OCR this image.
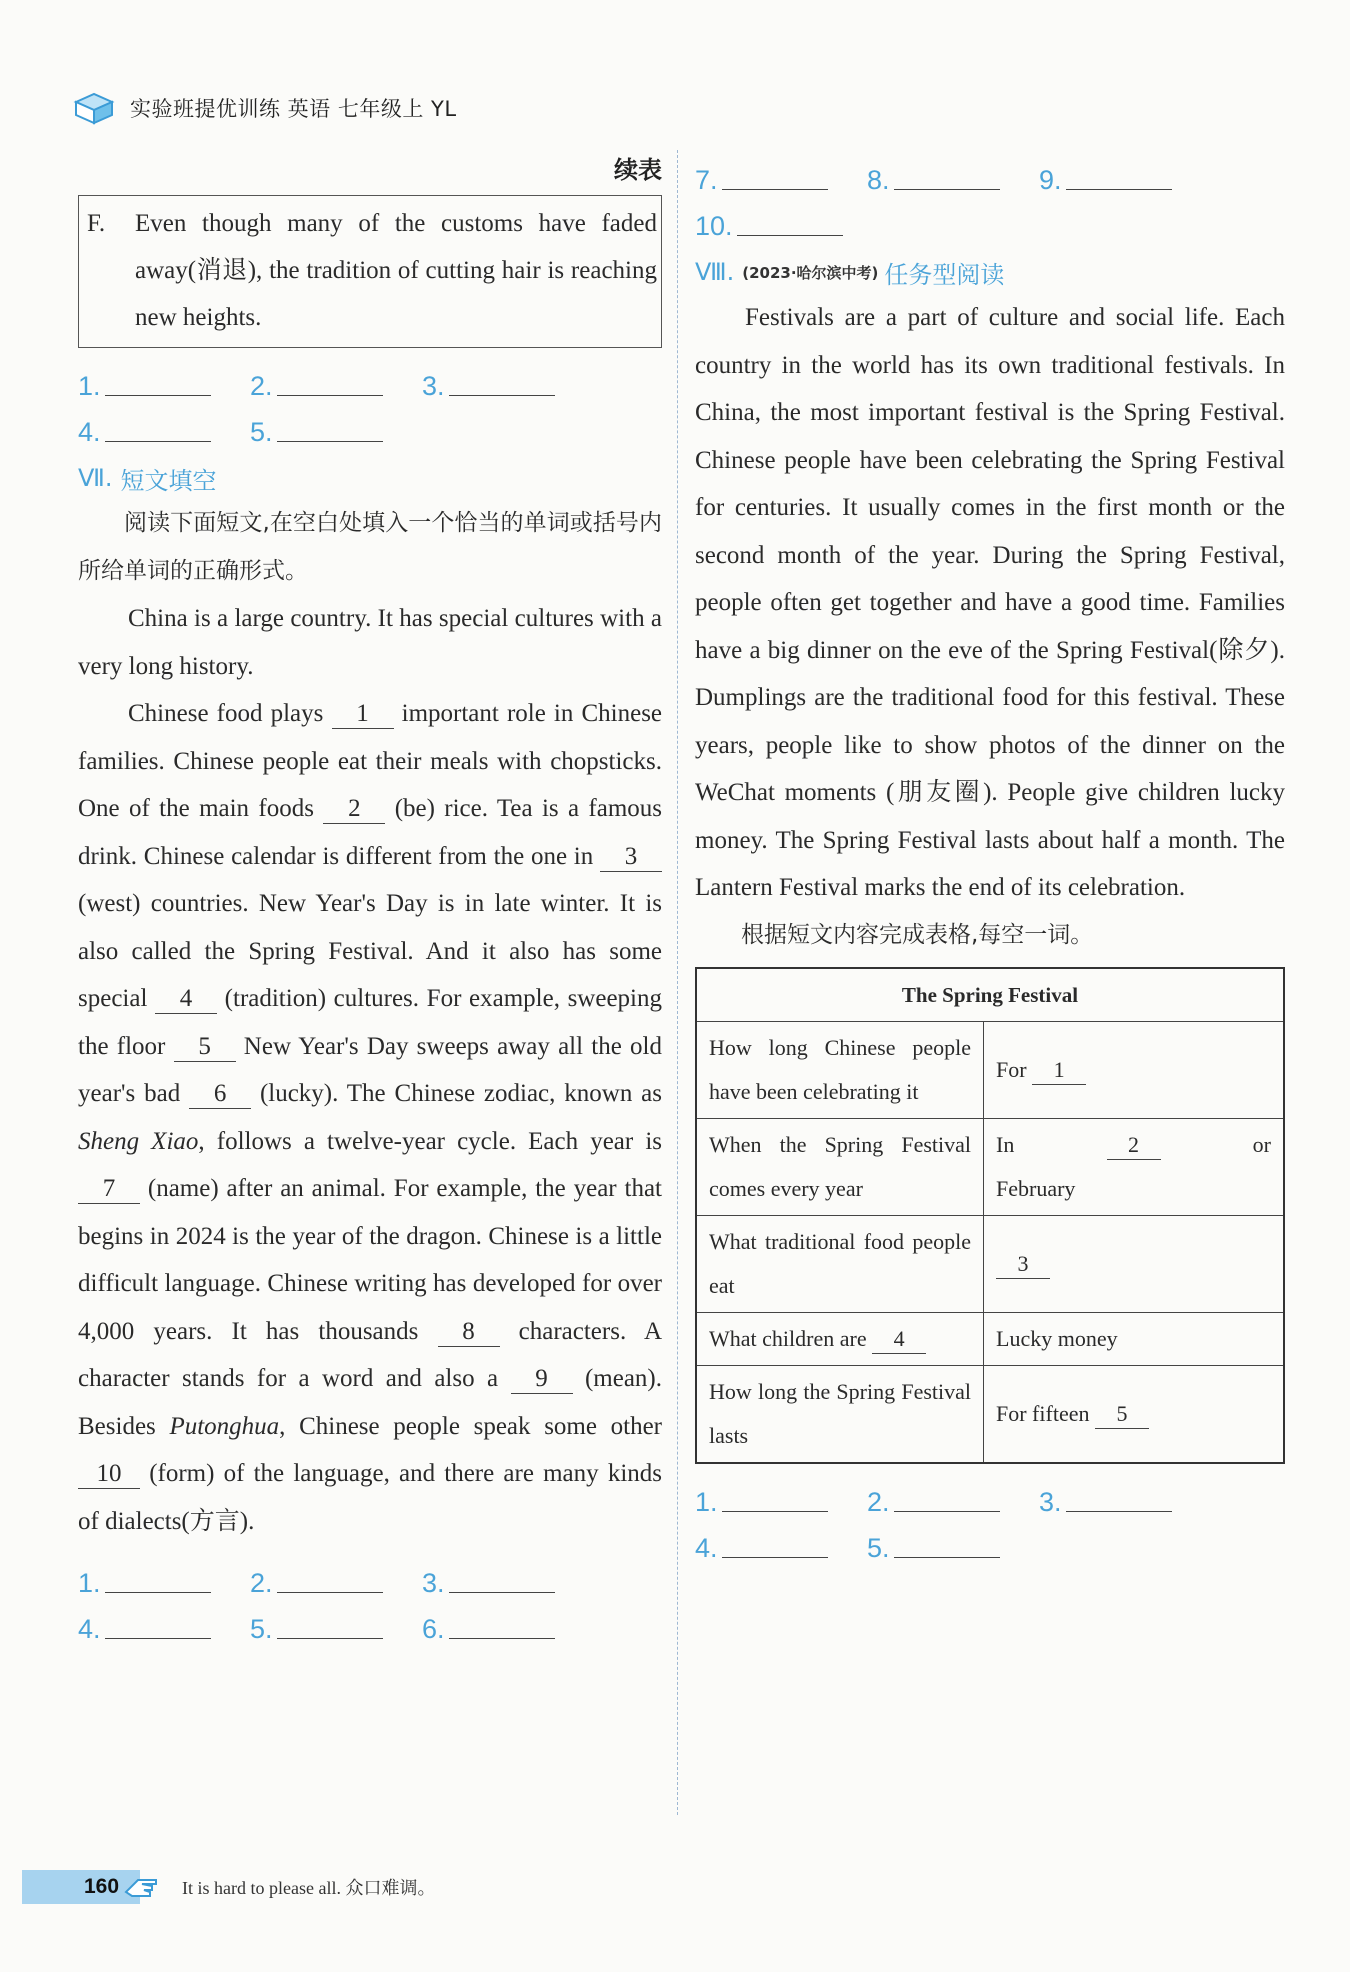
实验班提优训练 英语 七年级上 YL
续表
F.	Even though many of the customs have faded away(消退), the tradition of cutting hair is reaching new heights.
1.	2.	3.
4.	5.
Ⅶ. 短文填空

阅读下面短文,在空白处填入一个恰当的单词或括号内所给单词的正确形式。

China is a large country. It has special cultures with a very long history.

Chinese food plays 1 important role in Chinese families. Chinese people eat their meals with chopsticks. One of the main foods 2 (be) rice. Tea is a famous drink. Chinese calendar is different from the one in 3 (west) countries. New Year's Day is in late winter. It is also called the Spring Festival. And it also has some special 4 (tradition) cultures. For example, sweeping the floor 5 New Year's Day sweeps away all the old year's bad 6 (lucky). The Chinese zodiac, known as Sheng Xiao, follows a twelve-year cycle. Each year is 7 (name) after an animal. For example, the year that begins in 2024 is the year of the dragon. Chinese is a little difficult language. Chinese writing has developed for over 4,000 years. It has thousands 8 characters. A character stands for a word and also a 9 (mean). Besides Putonghua, Chinese people speak some other 10 (form) of the language, and there are many kinds of dialects(方言).

1.	2.	3.
4.	5.	6.
7.	8.	9.
10.
Ⅷ. (2023·哈尔滨中考) 任务型阅读

Festivals are a part of culture and social life. Each country in the world has its own traditional festivals. In China, the most important festival is the Spring Festival. Chinese people have been celebrating the Spring Festival for centuries. It usually comes in the first month or the second month of the year. During the Spring Festival, people often get together and have a good time. Families have a big dinner on the eve of the Spring Festival(除夕). Dumplings are the traditional food for this festival. These years, people like to show photos of the dinner on the WeChat moments (朋友圈). People give children lucky money. The Spring Festival lasts about half a month. The Lantern Festival marks the end of its celebration.

根据短文内容完成表格,每空一词。

The Spring Festival	
How long Chinese people have been celebrating it	For 1
When the Spring Festival comes every year	In 2 or
February
What traditional food people eat	3
What children are 4	Lucky money
How long the Spring Festival lasts	For fifteen 5
1.	2.	3.
4.	5.
160	It is hard to please all. 众口难调。
